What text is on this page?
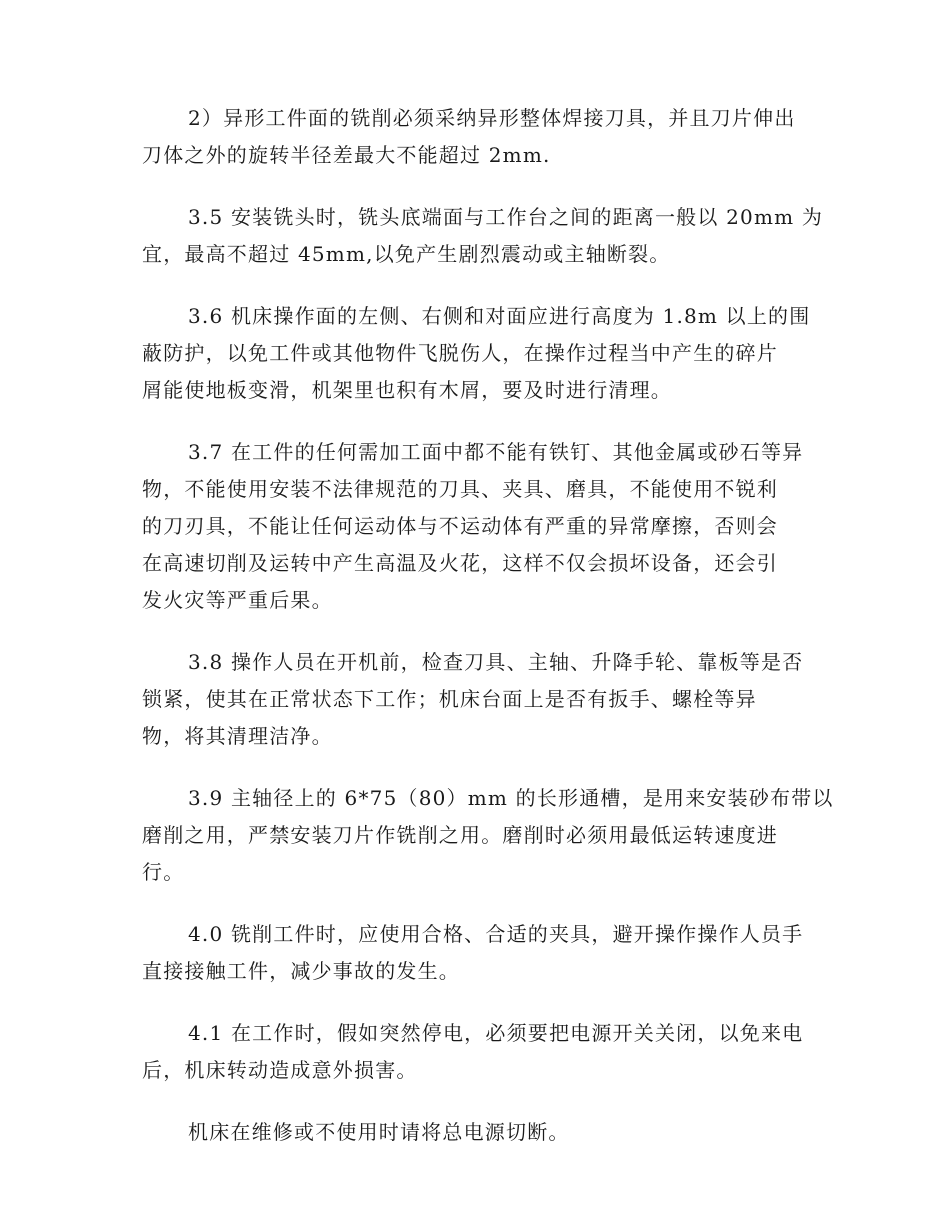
2）异形工件面的铣削必须采纳异形整体焊接刀具，并且刀片伸出
刀体之外的旋转半径差最大不能超过 2mm.

3.5 安装铣头时，铣头底端面与工作台之间的距离一般以 20mm 为
宜，最高不超过 45mm,以免产生剧烈震动或主轴断裂。

3.6 机床操作面的左侧、右侧和对面应进行高度为 1.8m 以上的围
蔽防护，以免工件或其他物件飞脱伤人，在操作过程当中产生的碎片
屑能使地板变滑，机架里也积有木屑，要及时进行清理。

3.7 在工件的任何需加工面中都不能有铁钉、其他金属或砂石等异
物，不能使用安装不法律规范的刀具、夹具、磨具，不能使用不锐利
的刀刃具，不能让任何运动体与不运动体有严重的异常摩擦，否则会
在高速切削及运转中产生高温及火花，这样不仅会损坏设备，还会引
发火灾等严重后果。

3.8 操作人员在开机前，检查刀具、主轴、升降手轮、靠板等是否
锁紧，使其在正常状态下工作；机床台面上是否有扳手、螺栓等异
物，将其清理洁净。

3.9 主轴径上的 6*75（80）mm 的长形通槽，是用来安装砂布带以
磨削之用，严禁安装刀片作铣削之用。磨削时必须用最低运转速度进
行。

4.0 铣削工件时，应使用合格、合适的夹具，避开操作操作人员手
直接接触工件，减少事故的发生。

4.1 在工作时，假如突然停电，必须要把电源开关关闭，以免来电
后，机床转动造成意外损害。

机床在维修或不使用时请将总电源切断。
